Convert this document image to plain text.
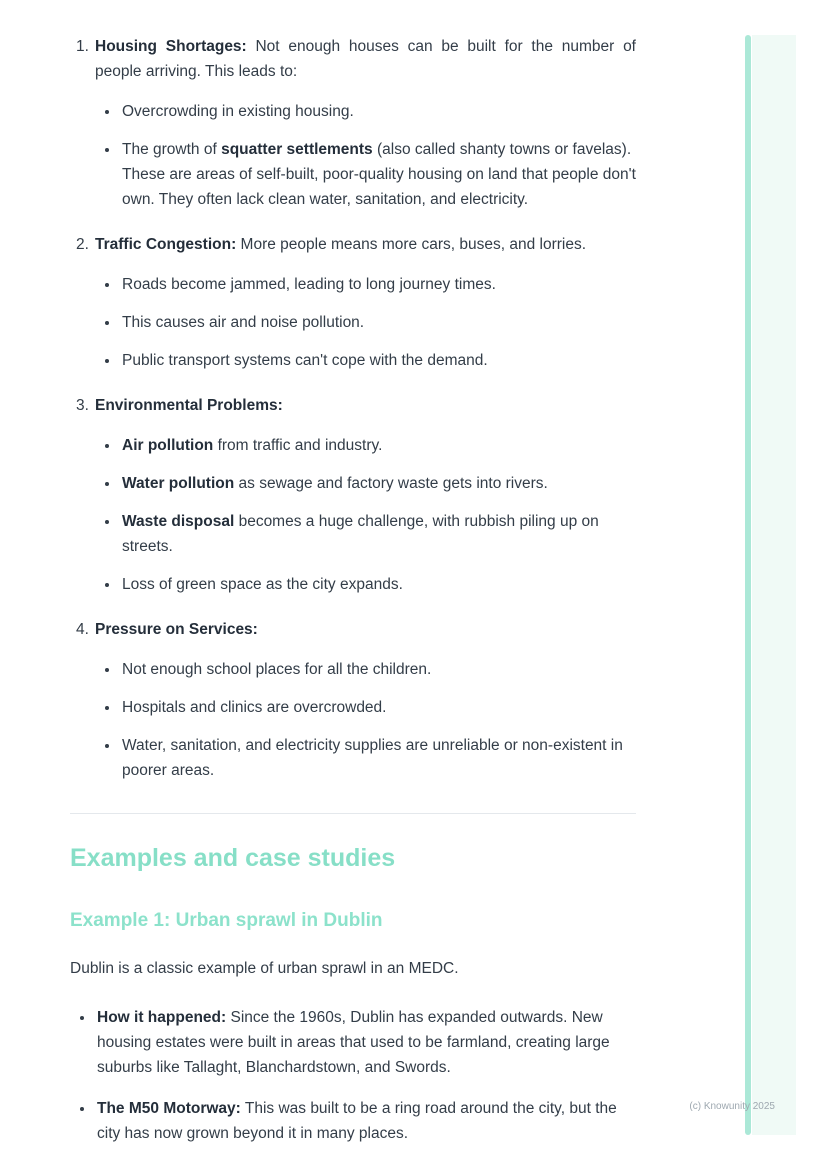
1. Housing Shortages: Not enough houses can be built for the number of people arriving. This leads to:

• Overcrowding in existing housing.
• The growth of squatter settlements (also called shanty towns or favelas). These are areas of self-built, poor-quality housing on land that people don't own. They often lack clean water, sanitation, and electricity.
2. Traffic Congestion: More people means more cars, buses, and lorries.

• Roads become jammed, leading to long journey times.
• This causes air and noise pollution.
• Public transport systems can't cope with the demand.
3. Environmental Problems:

• Air pollution from traffic and industry.
• Water pollution as sewage and factory waste gets into rivers.
• Waste disposal becomes a huge challenge, with rubbish piling up on streets.
• Loss of green space as the city expands.
4. Pressure on Services:

• Not enough school places for all the children.
• Hospitals and clinics are overcrowded.
• Water, sanitation, and electricity supplies are unreliable or non-existent in poorer areas.
Examples and case studies
Example 1: Urban sprawl in Dublin

Dublin is a classic example of urban sprawl in an MEDC.

• How it happened: Since the 1960s, Dublin has expanded outwards. New housing estates were built in areas that used to be farmland, creating large suburbs like Tallaght, Blanchardstown, and Swords.
• The M50 Motorway: This was built to be a ring road around the city, but the city has now grown beyond it in many places.
(c) Knowunity 2025
